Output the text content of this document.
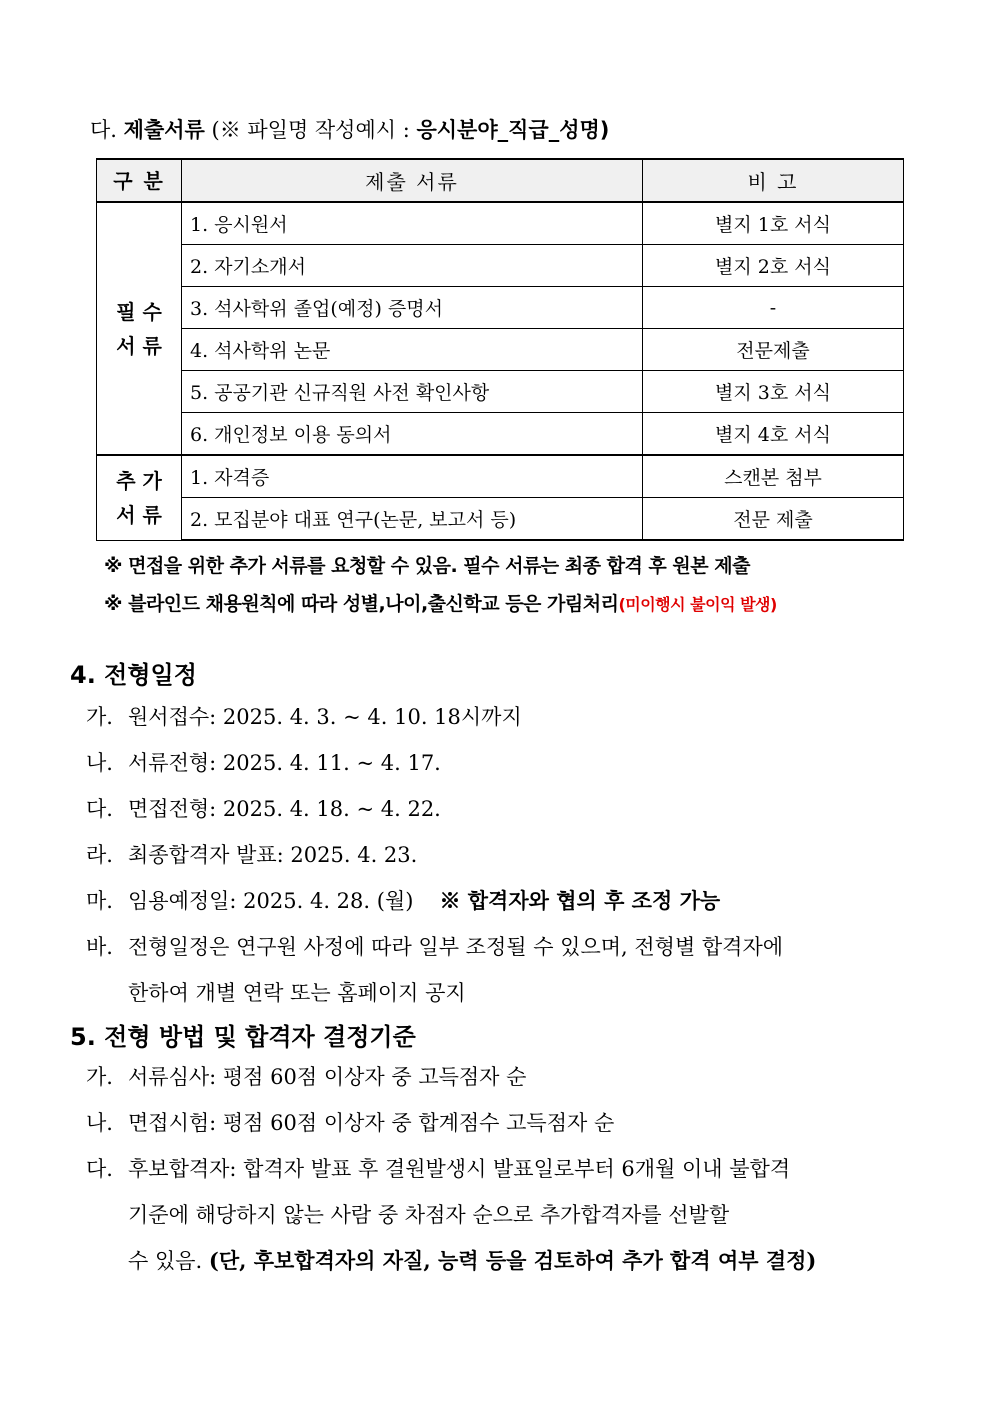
다. 제출서류 (※ 파일명 작성예시 : 응시분야_직급_성명)
구 분	제출 서류	비 고

필 수
서 류	1. 응시원서	별지 1호 서식
	2. 자기소개서	별지 2호 서식
	3. 석사학위 졸업(예정) 증명서	-
	4. 석사학위 논문	전문제출
	5. 공공기관 신규직원 사전 확인사항	별지 3호 서식
	6. 개인정보 이용 동의서	별지 4호 서식

추 가
서 류	1. 자격증	스캔본 첨부
	2. 모집분야 대표 연구(논문, 보고서 등)	전문 제출
※ 면접을 위한 추가 서류를 요청할 수 있음. 필수 서류는 최종 합격 후 원본 제출
※ 블라인드 채용원칙에 따라 성별,나이,출신학교 등은 가림처리(미이행시 불이익 발생)
4. 전형일정
가. 원서접수: 2025. 4. 3. ~ 4. 10. 18시까지
나. 서류전형: 2025. 4. 11. ~ 4. 17.
다. 면접전형: 2025. 4. 18. ~ 4. 22.
라. 최종합격자 발표: 2025. 4. 23.
마. 임용예정일: 2025. 4. 28. (월) ※ 합격자와 협의 후 조정 가능
바. 전형일정은 연구원 사정에 따라 일부 조정될 수 있으며, 전형별 합격자에
한하여 개별 연락 또는 홈페이지 공지
5. 전형 방법 및 합격자 결정기준
가. 서류심사: 평점 60점 이상자 중 고득점자 순
나. 면접시험: 평점 60점 이상자 중 합계점수 고득점자 순
다. 후보합격자: 합격자 발표 후 결원발생시 발표일로부터 6개월 이내 불합격
기준에 해당하지 않는 사람 중 차점자 순으로 추가합격자를 선발할
수 있음. (단, 후보합격자의 자질, 능력 등을 검토하여 추가 합격 여부 결정)
